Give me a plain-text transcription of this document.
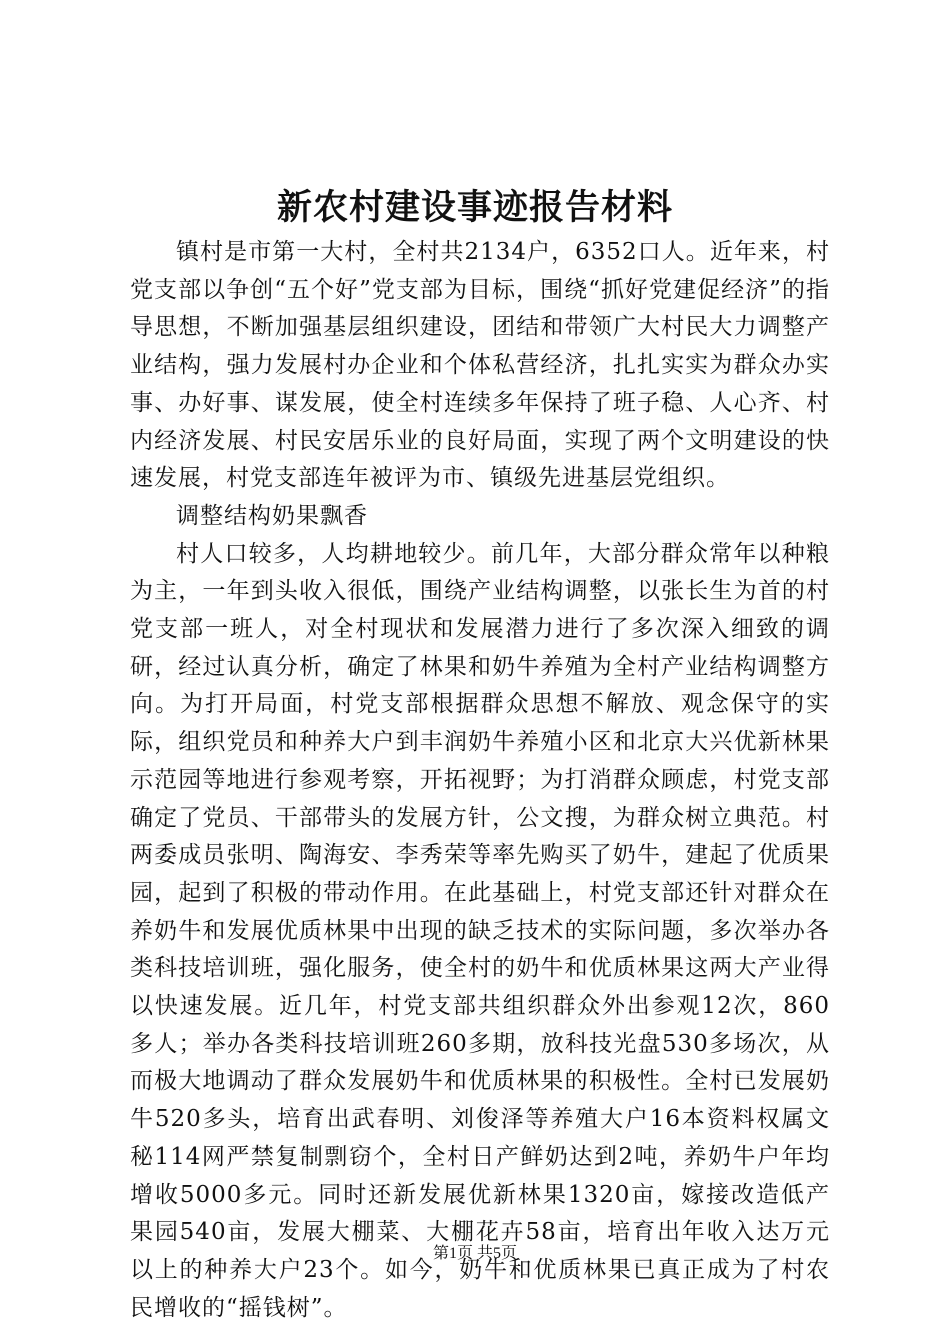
新农村建设事迹报告材料

镇村是市第一大村，全村共2134户，6352口人。近年来，村党支部以争创“五个好”党支部为目标，围绕“抓好党建促经济”的指导思想，不断加强基层组织建设，团结和带领广大村民大力调整产业结构，强力发展村办企业和个体私营经济，扎扎实实为群众办实事、办好事、谋发展，使全村连续多年保持了班子稳、人心齐、村内经济发展、村民安居乐业的良好局面，实现了两个文明建设的快速发展，村党支部连年被评为市、镇级先进基层党组织。

调整结构奶果飘香

村人口较多，人均耕地较少。前几年，大部分群众常年以种粮为主，一年到头收入很低，围绕产业结构调整，以张长生为首的村党支部一班人，对全村现状和发展潜力进行了多次深入细致的调研，经过认真分析，确定了林果和奶牛养殖为全村产业结构调整方向。为打开局面，村党支部根据群众思想不解放、观念保守的实际，组织党员和种养大户到丰润奶牛养殖小区和北京大兴优新林果示范园等地进行参观考察，开拓视野；为打消群众顾虑，村党支部确定了党员、干部带头的发展方针，公文搜，为群众树立典范。村两委成员张明、陶海安、李秀荣等率先购买了奶牛，建起了优质果园，起到了积极的带动作用。在此基础上，村党支部还针对群众在养奶牛和发展优质林果中出现的缺乏技术的实际问题，多次举办各类科技培训班，强化服务，使全村的奶牛和优质林果这两大产业得以快速发展。近几年，村党支部共组织群众外出参观12次，860多人；举办各类科技培训班260多期，放科技光盘530多场次，从而极大地调动了群众发展奶牛和优质林果的积极性。全村已发展奶牛520多头，培育出武春明、刘俊泽等养殖大户16本资料权属文秘114网严禁复制剽窃个，全村日产鲜奶达到2吨，养奶牛户年均增收5000多元。同时还新发展优新林果1320亩，嫁接改造低产果园540亩，发展大棚菜、大棚花卉58亩，培育出年收入达万元以上的种养大户23个。如今，奶牛和优质林果已真正成为了村农民增收的“摇钱树”。

第1页 共5页
